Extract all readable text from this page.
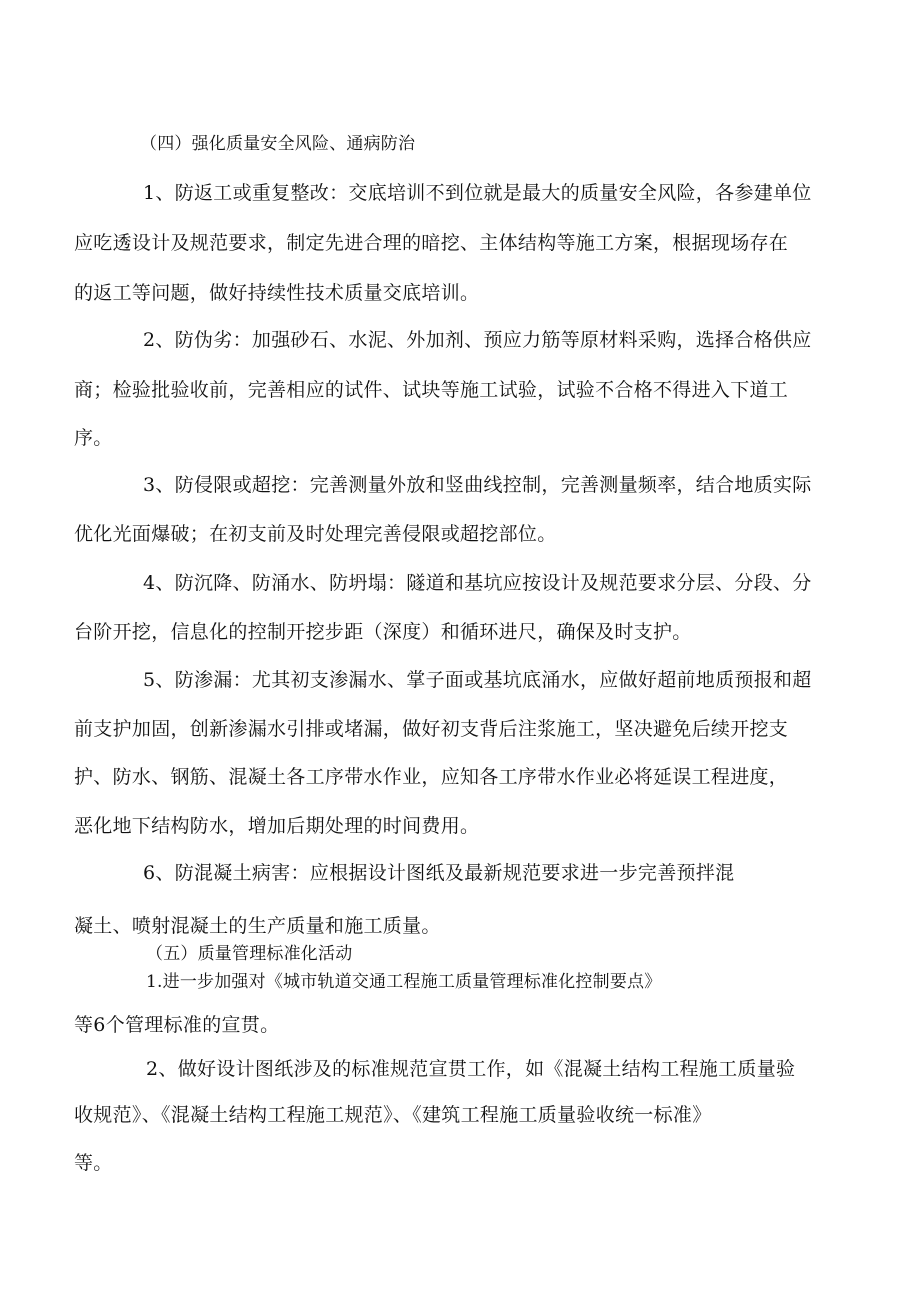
（四）强化质量安全风险、通病防治

1、防返工或重复整改：交底培训不到位就是最大的质量安全风险，各参建单位

应吃透设计及规范要求，制定先进合理的暗挖、主体结构等施工方案，根据现场存在

的返工等问题，做好持续性技术质量交底培训。

2、防伪劣：加强砂石、水泥、外加剂、预应力筋等原材料采购，选择合格供应

商；检验批验收前，完善相应的试件、试块等施工试验，试验不合格不得进入下道工

序。

3、防侵限或超挖：完善测量外放和竖曲线控制，完善测量频率，结合地质实际

优化光面爆破；在初支前及时处理完善侵限或超挖部位。

4、防沉降、防涌水、防坍塌：隧道和基坑应按设计及规范要求分层、分段、分

台阶开挖，信息化的控制开挖步距（深度）和循环进尺，确保及时支护。

5、防渗漏：尤其初支渗漏水、掌子面或基坑底涌水，应做好超前地质预报和超

前支护加固，创新渗漏水引排或堵漏，做好初支背后注浆施工，坚决避免后续开挖支

护、防水、钢筋、混凝土各工序带水作业，应知各工序带水作业必将延误工程进度，

恶化地下结构防水，增加后期处理的时间费用。

6、防混凝土病害：应根据设计图纸及最新规范要求进一步完善预拌混

凝土、喷射混凝土的生产质量和施工质量。

（五）质量管理标准化活动

1.进一步加强对《城市轨道交通工程施工质量管理标准化控制要点》

等6个管理标准的宣贯。

2、做好设计图纸涉及的标准规范宣贯工作，如《混凝土结构工程施工质量验

收规范》、《混凝土结构工程施工规范》、《建筑工程施工质量验收统一标准》

等。
